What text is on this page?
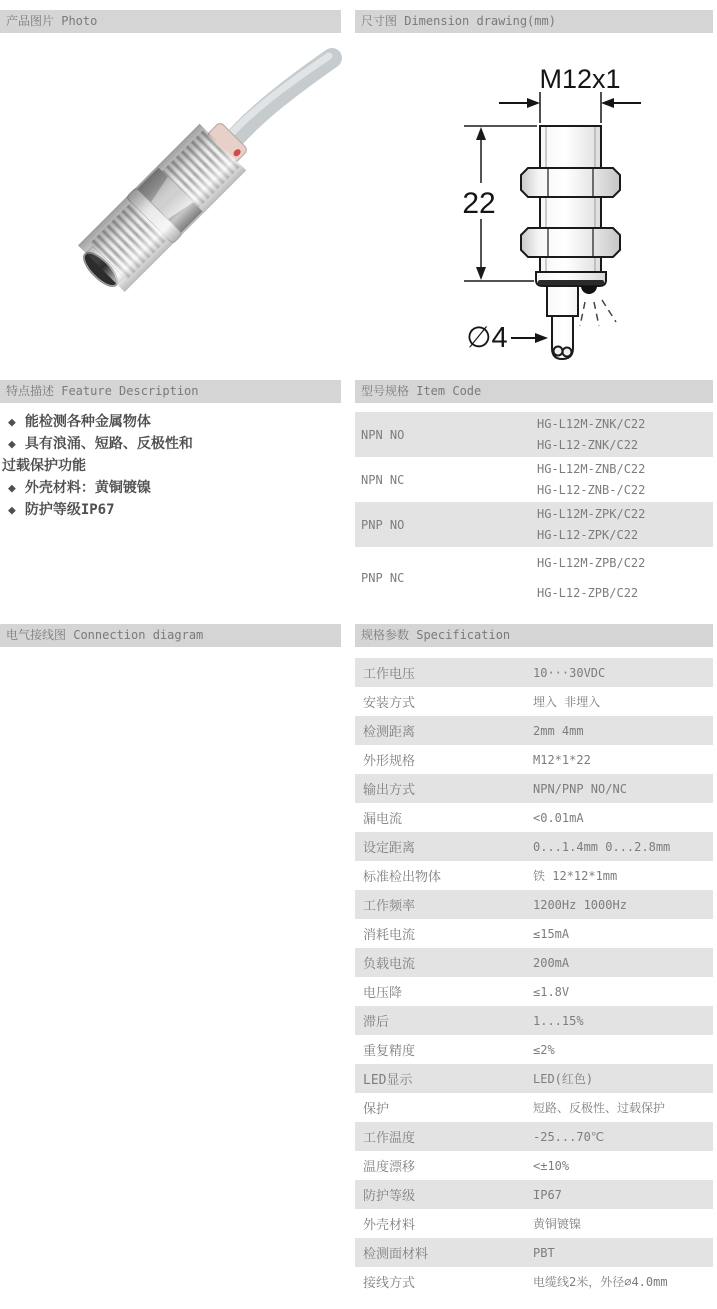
产品图片 Photo	尺寸图 Dimension drawing(mm)
特点描述 Feature Description	型号规格 Item Code
电气接线图 Connection diagram	规格参数 Specification
M12x1
22
∅4
◆ 能检测各种金属物体
◆ 具有浪涌、短路、反极性和
过载保护功能
◆ 外壳材料：黄铜镀镍
◆ 防护等级IP67
NPN NO
HG-L12M-ZNK/C22
HG-L12-ZNK/C22
NPN NC
HG-L12M-ZNB/C22
HG-L12-ZNB-/C22
PNP NO
HG-L12M-ZPK/C22
HG-L12-ZPK/C22
PNP NC
HG-L12M-ZPB/C22
HG-L12-ZPB/C22
工作电压	10···30VDC
安装方式	埋入 非埋入
检测距离	2mm 4mm
外形规格	M12*1*22
输出方式	NPN/PNP NO/NC
漏电流	<0.01mA
设定距离	0...1.4mm 0...2.8mm
标准检出物体	铁 12*12*1mm
工作频率	1200Hz 1000Hz
消耗电流	≤15mA
负载电流	200mA
电压降	≤1.8V
滞后	1...15%
重复精度	≤2%
LED显示	LED(红色)
保护	短路、反极性、过载保护
工作温度	-25...70℃
温度漂移	<±10%
防护等级	IP67
外壳材料	黄铜镀镍
检测面材料	PBT
接线方式	电缆线2米，外径∅4.0mm
